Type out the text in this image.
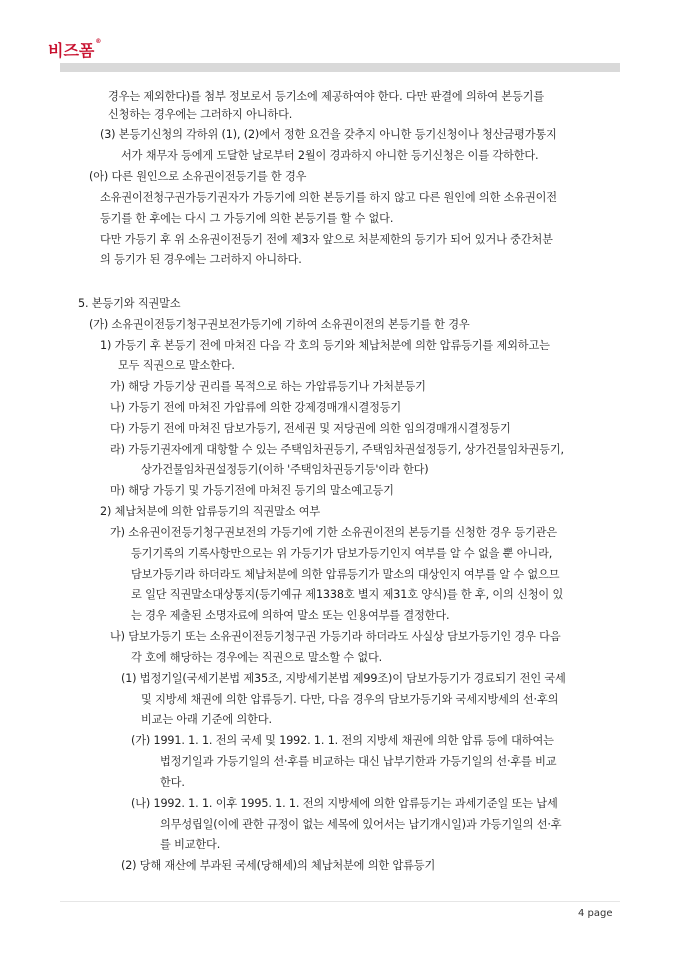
비즈폼®
경우는 제외한다)를 첨부 정보로서 등기소에 제공하여야 한다. 다만 판결에 의하여 본등기를
신청하는 경우에는 그러하지 아니하다.
(3) 본등기신청의 각하위 (1), (2)에서 정한 요건을 갖추지 아니한 등기신청이나 청산금평가통지
서가 채무자 등에게 도달한 날로부터 2월이 경과하지 아니한 등기신청은 이를 각하한다.
(아) 다른 원인으로 소유권이전등기를 한 경우
소유권이전청구권가등기권자가 가등기에 의한 본등기를 하지 않고 다른 원인에 의한 소유권이전
등기를 한 후에는 다시 그 가등기에 의한 본등기를 할 수 없다.
다만 가등기 후 위 소유권이전등기 전에 제3자 앞으로 처분제한의 등기가 되어 있거나 중간처분
의 등기가 된 경우에는 그러하지 아니하다.
5. 본등기와 직권말소
(가) 소유권이전등기청구권보전가등기에 기하여 소유권이전의 본등기를 한 경우
1) 가등기 후 본등기 전에 마쳐진 다음 각 호의 등기와 체납처분에 의한 압류등기를 제외하고는
모두 직권으로 말소한다.
가) 해당 가등기상 권리를 목적으로 하는 가압류등기나 가처분등기
나) 가등기 전에 마쳐진 가압류에 의한 강제경매개시결정등기
다) 가등기 전에 마쳐진 담보가등기, 전세권 및 저당권에 의한 임의경매개시결정등기
라) 가등기권자에게 대항할 수 있는 주택임차권등기, 주택임차권설정등기, 상가건물임차권등기,
상가건물임차권설정등기(이하 '주택임차권등기등'이라 한다)
마) 해당 가등기 및 가등기전에 마쳐진 등기의 말소예고등기
2) 체납처분에 의한 압류등기의 직권말소 여부
가) 소유권이전등기청구권보전의 가등기에 기한 소유권이전의 본등기를 신청한 경우 등기관은
등기기록의 기록사항만으로는 위 가등기가 담보가등기인지 여부를 알 수 없을 뿐 아니라,
담보가등기라 하더라도 체납처분에 의한 압류등기가 말소의 대상인지 여부를 알 수 없으므
로 일단 직권말소대상통지(등기예규 제1338호 별지 제31호 양식)를 한 후, 이의 신청이 있
는 경우 제출된 소명자료에 의하여 말소 또는 인용여부를 결정한다.
나) 담보가등기 또는 소유권이전등기청구권 가등기라 하더라도 사실상 담보가등기인 경우 다음
각 호에 해당하는 경우에는 직권으로 말소할 수 없다.
(1) 법정기일(국세기본법 제35조, 지방세기본법 제99조)이 담보가등기가 경료되기 전인 국세
및 지방세 채권에 의한 압류등기. 다만, 다음 경우의 담보가등기와 국세지방세의 선·후의
비교는 아래 기준에 의한다.
(가) 1991. 1. 1. 전의 국세 및 1992. 1. 1. 전의 지방세 채권에 의한 압류 등에 대하여는
법정기일과 가등기일의 선·후를 비교하는 대신 납부기한과 가등기일의 선·후를 비교
한다.
(나) 1992. 1. 1. 이후 1995. 1. 1. 전의 지방세에 의한 압류등기는 과세기준일 또는 납세
의무성립일(이에 관한 규정이 없는 세목에 있어서는 납기개시일)과 가등기일의 선·후
를 비교한다.
(2) 당해 재산에 부과된 국세(당해세)의 체납처분에 의한 압류등기
4 page
